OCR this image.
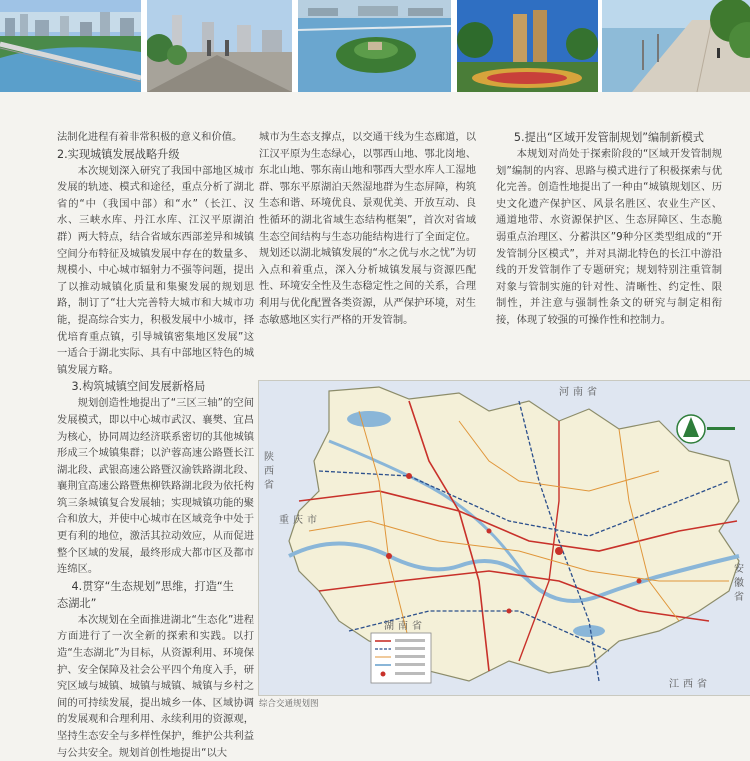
法制化进程有着非常积极的意义和价值。

2.实现城镇发展战略升级

本次规划深入研究了我国中部地区城市发展的轨迹、模式和途径，重点分析了湖北省的“中（我国中部）和“水”（长江、汉水、三峡水库、丹江水库、江汉平原湖泊群）两大特点，结合省域东西部差异和城镇空间分布特征及城镇发展中存在的数量多、规模小、中心城市辐射力不强等问题，提出了以推动城镇化质量和集聚发展的规划思路，制订了“壮大完善特大城市和大城市功能，提高综合实力，积极发展中小城市，择优培育重点镇，引导城镇密集地区发展”这一适合于湖北实际、具有中部地区特色的城镇发展方略。

3.构筑城镇空间发展新格局

规划创造性地提出了“三区三轴”的空间发展模式，即以中心城市武汉、襄樊、宜昌为核心，协同周边经济联系密切的其他城镇形成三个城镇集群；以沪蓉高速公路暨长江湖北段、武银高速公路暨汉渝铁路湖北段、襄荆宜高速公路暨焦柳铁路湖北段为依托构筑三条城镇复合发展轴；实现城镇功能的聚合和放大，并使中心城市在区域竞争中处于更有利的地位，激活其拉动效应，从而促进整个区域的发展，最终形成大都市区及都市连绵区。

4.贯穿“生态规划”思维，打造“生
态湖北”

本次规划在全面推进湖北“生态化”进程方面进行了一次全新的探索和实践。以打造“生态湖北”为目标，从资源利用、环境保护、安全保障及社会公平四个角度入手，研究区域与城镇、城镇与城镇、城镇与乡村之间的可持续发展，提出城乡一体、区域协调的发展观和合理利用、永续利用的资源观，坚持生态安全与多样性保护，维护公共利益与公共安全。规划首创性地提出“以大

城市为生态支撑点，以交通干线为生态廊道，以江汉平原为生态绿心，以鄂西山地、鄂北岗地、东北山地、鄂东南山地和鄂西大型水库人工湿地群、鄂东平原湖泊天然湿地群为生态屏障，构筑生态和谐、环境优良、景观优美、开放互动、良性循环的湖北省域生态结构框架”，首次对省域生态空间结构与生态功能结构进行了全面定位。规划还以湖北城镇发展的“水之优与水之忧”为切入点和着重点，深入分析城镇发展与资源匹配性、环境安全性及生态稳定性之间的关系，合理利用与优化配置各类资源，从严保护环境，对生态敏感地区实行严格的开发管制。

5.提出“区域开发管制规划”编制新模式

本规划对尚处于探索阶段的“区域开发管制规划”编制的内容、思路与模式进行了积极探索与优化完善。创造性地提出了一种由“城镇规划区、历史文化遗产保护区、风景名胜区、农业生产区、通道地带、水资源保护区、生态屏障区、生态脆弱重点治理区、分蓄洪区”9种分区类型组成的“开发管制分区模式”，并对具湖北特色的长江中游沿线的开发管制作了专题研究；规划特别注重管制对象与管制实施的针对性、清晰性、约定性、限制性，并注意与强制性条文的研究与制定相衔接，体现了较强的可操作性和控制力。

河南省
陕西省
重庆市
湖南省
江西省
安徽省
综合交通规划图
